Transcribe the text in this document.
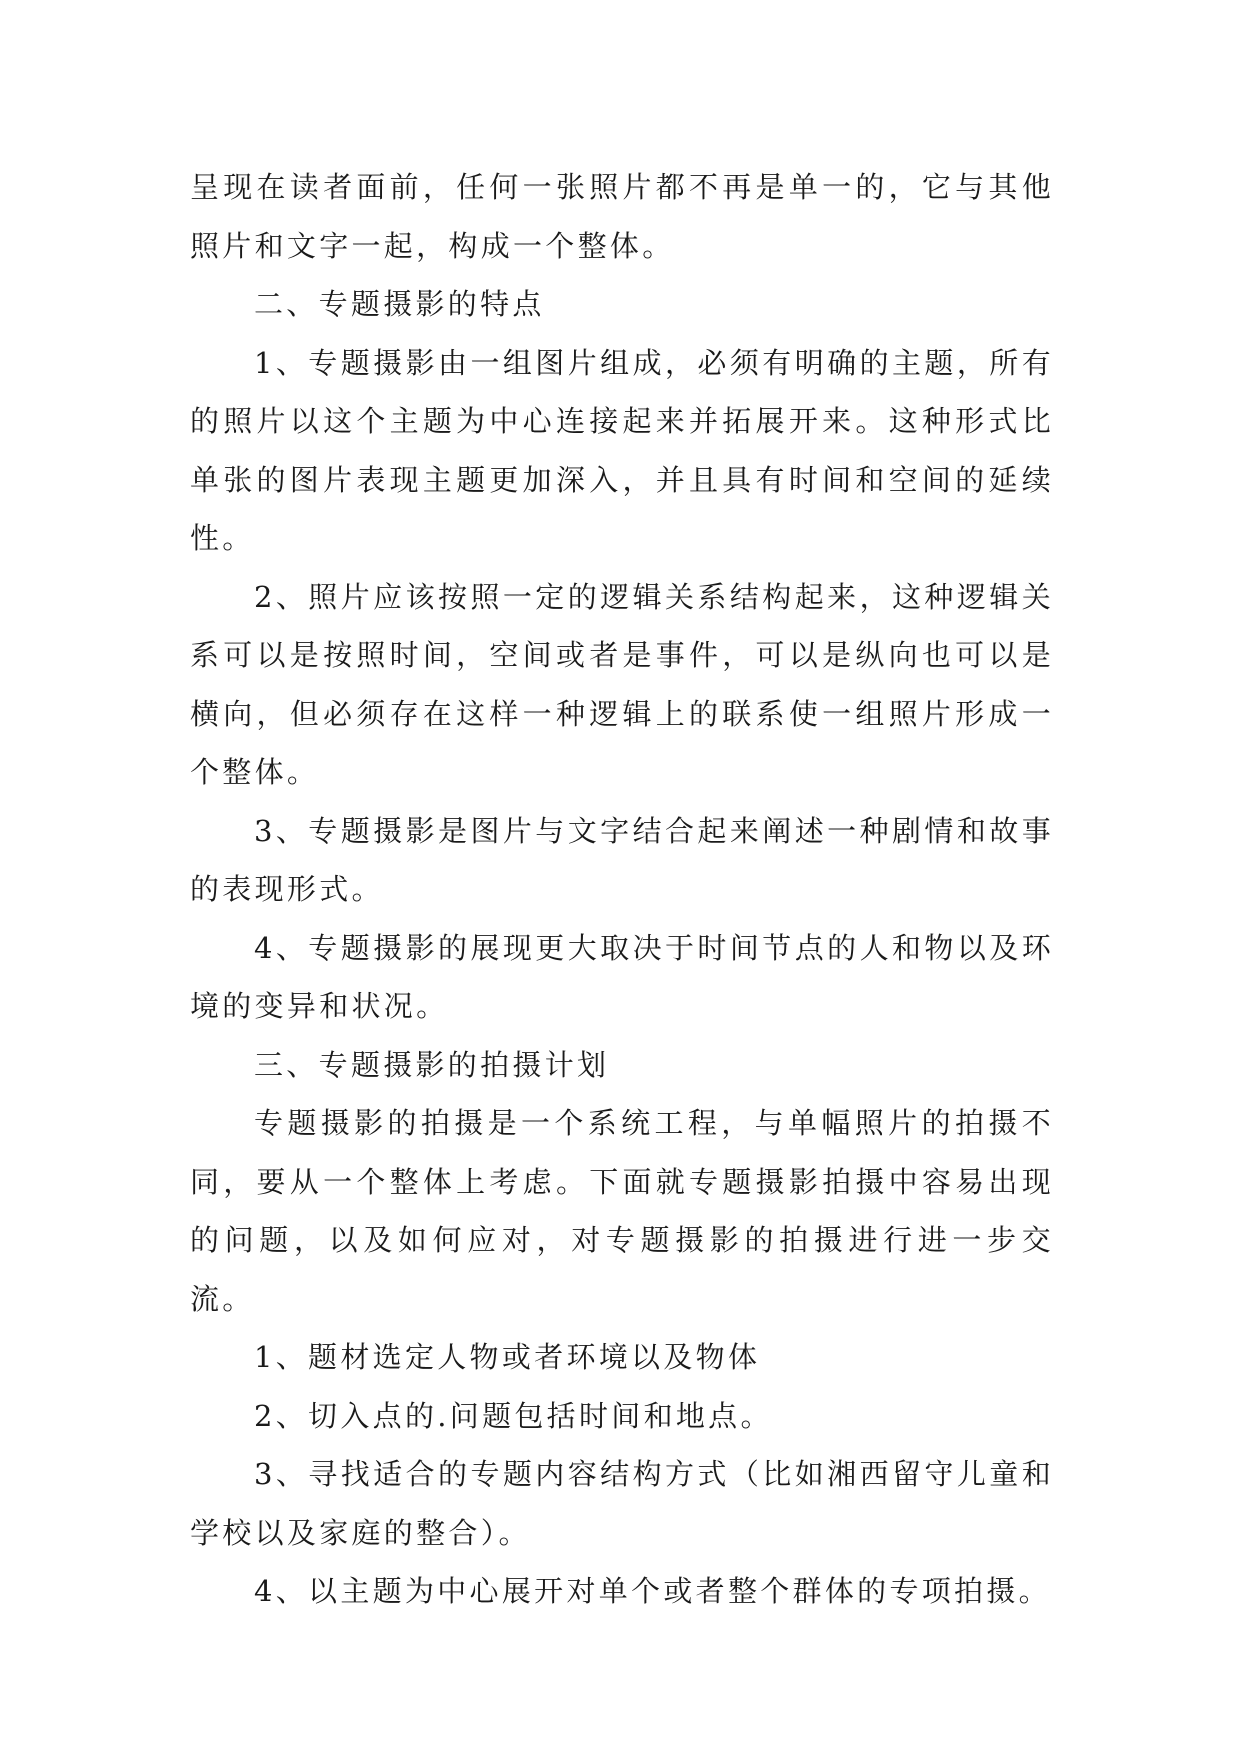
呈现在读者面前，任何一张照片都不再是单一的，它与其他照片和文字一起，构成一个整体。

二、专题摄影的特点

1、专题摄影由一组图片组成，必须有明确的主题，所有的照片以这个主题为中心连接起来并拓展开来。这种形式比单张的图片表现主题更加深入，并且具有时间和空间的延续性。

2、照片应该按照一定的逻辑关系结构起来，这种逻辑关系可以是按照时间，空间或者是事件，可以是纵向也可以是横向，但必须存在这样一种逻辑上的联系使一组照片形成一个整体。

3、专题摄影是图片与文字结合起来阐述一种剧情和故事的表现形式。

4、专题摄影的展现更大取决于时间节点的人和物以及环境的变异和状况。

三、专题摄影的拍摄计划

专题摄影的拍摄是一个系统工程，与单幅照片的拍摄不同，要从一个整体上考虑。下面就专题摄影拍摄中容易出现的问题，以及如何应对，对专题摄影的拍摄进行进一步交流。

1、题材选定人物或者环境以及物体

2、切入点的.问题包括时间和地点。

3、寻找适合的专题内容结构方式（比如湘西留守儿童和学校以及家庭的整合）。

4、以主题为中心展开对单个或者整个群体的专项拍摄。
